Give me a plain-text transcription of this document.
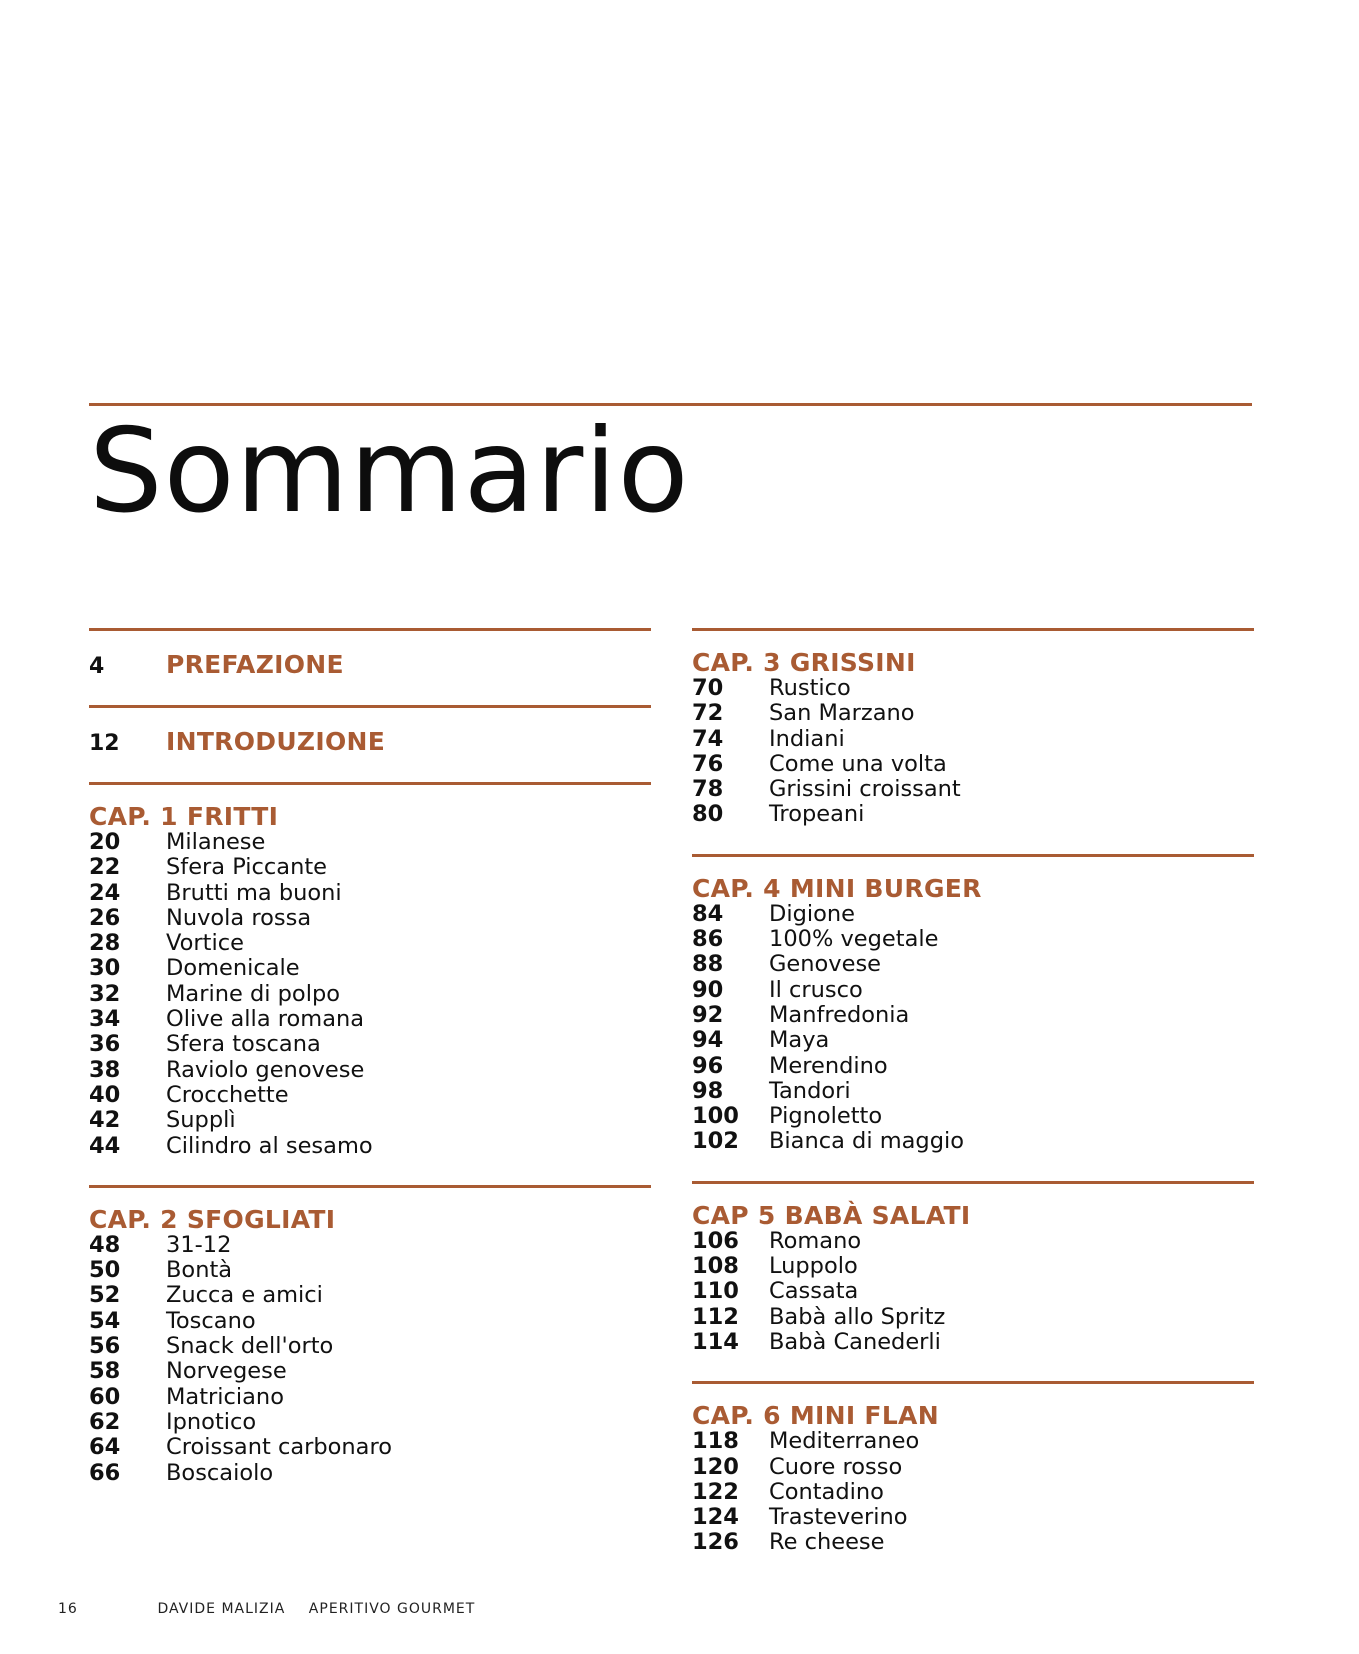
Sommario
4	PREFAZIONE
12	INTRODUZIONE
CAP. 1 FRITTI
20	Milanese
22	Sfera Piccante
24	Brutti ma buoni
26	Nuvola rossa
28	Vortice
30	Domenicale
32	Marine di polpo
34	Olive alla romana
36	Sfera toscana
38	Raviolo genovese
40	Crocchette
42	Supplì
44	Cilindro al sesamo
CAP. 2 SFOGLIATI
48	31-12
50	Bontà
52	Zucca e amici
54	Toscano
56	Snack dell'orto
58	Norvegese
60	Matriciano
62	Ipnotico
64	Croissant carbonaro
66	Boscaiolo
CAP. 3 GRISSINI
70	Rustico
72	San Marzano
74	Indiani
76	Come una volta
78	Grissini croissant
80	Tropeani
CAP. 4 MINI BURGER
84	Digione
86	100% vegetale
88	Genovese
90	Il crusco
92	Manfredonia
94	Maya
96	Merendino
98	Tandori
100	Pignoletto
102	Bianca di maggio
CAP 5 BABÀ SALATI
106	Romano
108	Luppolo
110	Cassata
112	Babà allo Spritz
114	Babà Canederli
CAP. 6 MINI FLAN
118	Mediterraneo
120	Cuore rosso
122	Contadino
124	Trasteverino
126	Re cheese
16	DAVIDE MALIZIA APERITIVO GOURMET
